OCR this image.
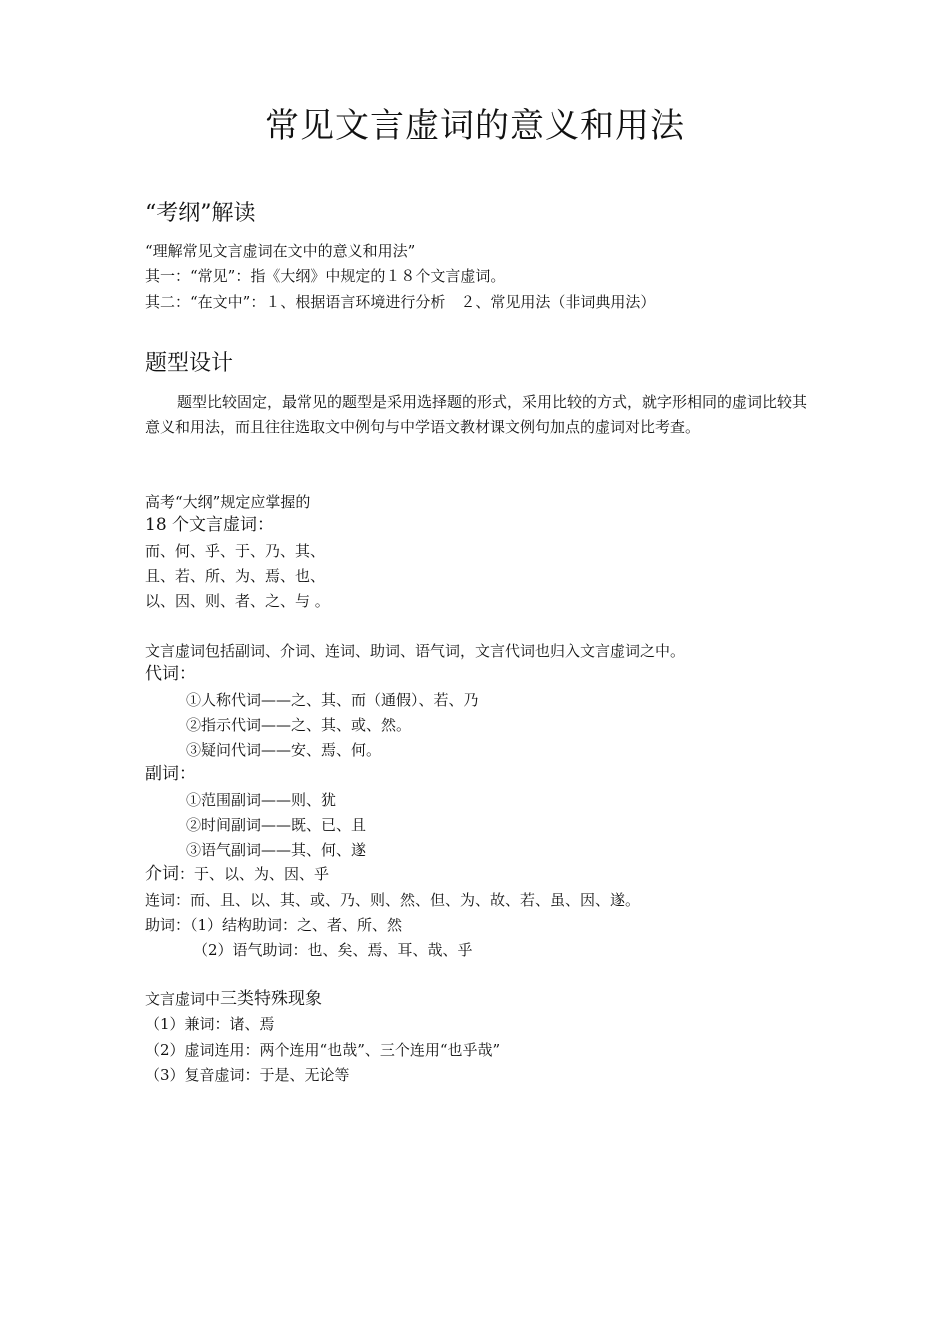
常见文言虚词的意义和用法
“考纲”解读
“理解常见文言虚词在文中的意义和用法”
其一：“常见”：指《大纲》中规定的１８个文言虚词。
其二：“在文中”：１、根据语言环境进行分析　２、常见用法（非词典用法）
题型设计
题型比较固定，最常见的题型是采用选择题的形式，采用比较的方式，就字形相同的虚词比较其意义和用法，而且往往选取文中例句与中学语文教材课文例句加点的虚词对比考查。
高考“大纲”规定应掌握的
18 个文言虚词：
而、何、乎、于、乃、其、
且、若、所、为、焉、也、
以、因、则、者、之、与 。
文言虚词包括副词、介词、连词、助词、语气词，文言代词也归入文言虚词之中。
代词：
①人称代词——之、其、而（通假）、若、乃
②指示代词——之、其、或、然。
③疑问代词——安、焉、何。
副词：
①范围副词——则、犹
②时间副词——既、已、且
③语气副词——其、何、遂
介词：于、以、为、因、乎
连词：而、且、以、其、或、乃、则、然、但、为、故、若、虽、因、遂。
助词：（1）结构助词：之、者、所、然
（2）语气助词：也、矣、焉、耳、哉、乎
文言虚词中三类特殊现象
（1）兼词：诸、焉
（2）虚词连用：两个连用“也哉”、三个连用“也乎哉”
（3）复音虚词：于是、无论等
